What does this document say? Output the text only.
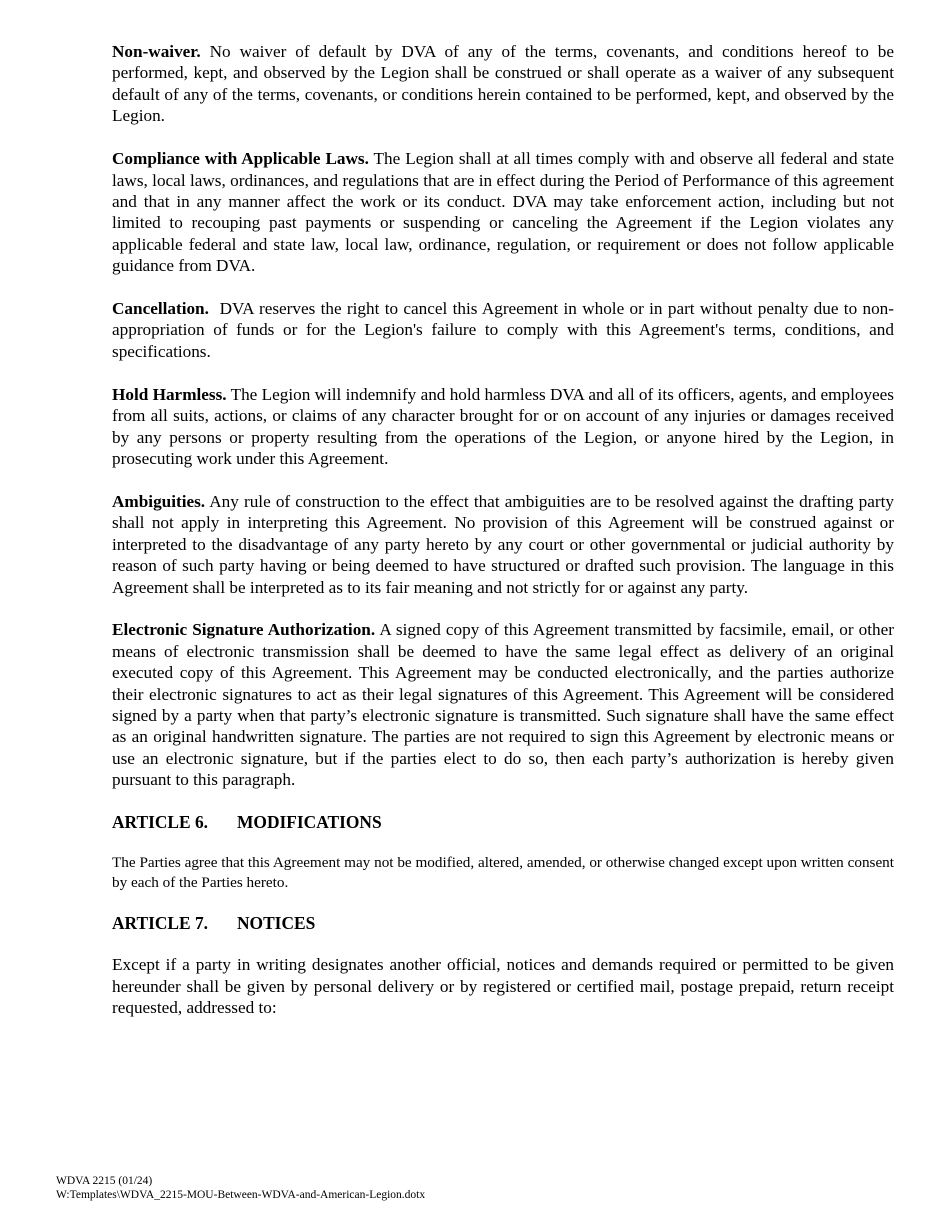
Non-waiver. No waiver of default by DVA of any of the terms, covenants, and conditions hereof to be performed, kept, and observed by the Legion shall be construed or shall operate as a waiver of any subsequent default of any of the terms, covenants, or conditions herein contained to be performed, kept, and observed by the Legion.

Compliance with Applicable Laws. The Legion shall at all times comply with and observe all federal and state laws, local laws, ordinances, and regulations that are in effect during the Period of Performance of this agreement and that in any manner affect the work or its conduct. DVA may take enforcement action, including but not limited to recouping past payments or suspending or canceling the Agreement if the Legion violates any applicable federal and state law, local law, ordinance, regulation, or requirement or does not follow applicable guidance from DVA.

Cancellation.  DVA reserves the right to cancel this Agreement in whole or in part without penalty due to non-appropriation of funds or for the Legion's failure to comply with this Agreement's terms, conditions, and specifications.

Hold Harmless. The Legion will indemnify and hold harmless DVA and all of its officers, agents, and employees from all suits, actions, or claims of any character brought for or on account of any injuries or damages received by any persons or property resulting from the operations of the Legion, or anyone hired by the Legion, in prosecuting work under this Agreement.

Ambiguities. Any rule of construction to the effect that ambiguities are to be resolved against the drafting party shall not apply in interpreting this Agreement. No provision of this Agreement will be construed against or interpreted to the disadvantage of any party hereto by any court or other governmental or judicial authority by reason of such party having or being deemed to have structured or drafted such provision. The language in this Agreement shall be interpreted as to its fair meaning and not strictly for or against any party.

Electronic Signature Authorization. A signed copy of this Agreement transmitted by facsimile, email, or other means of electronic transmission shall be deemed to have the same legal effect as delivery of an original executed copy of this Agreement. This Agreement may be conducted electronically, and the parties authorize their electronic signatures to act as their legal signatures of this Agreement. This Agreement will be considered signed by a party when that party’s electronic signature is transmitted. Such signature shall have the same effect as an original handwritten signature. The parties are not required to sign this Agreement by electronic means or use an electronic signature, but if the parties elect to do so, then each party’s authorization is hereby given pursuant to this paragraph.

ARTICLE 6. MODIFICATIONS

The Parties agree that this Agreement may not be modified, altered, amended, or otherwise changed except upon written consent by each of the Parties hereto.

ARTICLE 7. NOTICES

Except if a party in writing designates another official, notices and demands required or permitted to be given hereunder shall be given by personal delivery or by registered or certified mail, postage prepaid, return receipt requested, addressed to:

WDVA 2215 (01/24)
W:Templates\WDVA_2215-MOU-Between-WDVA-and-American-Legion.dotx
